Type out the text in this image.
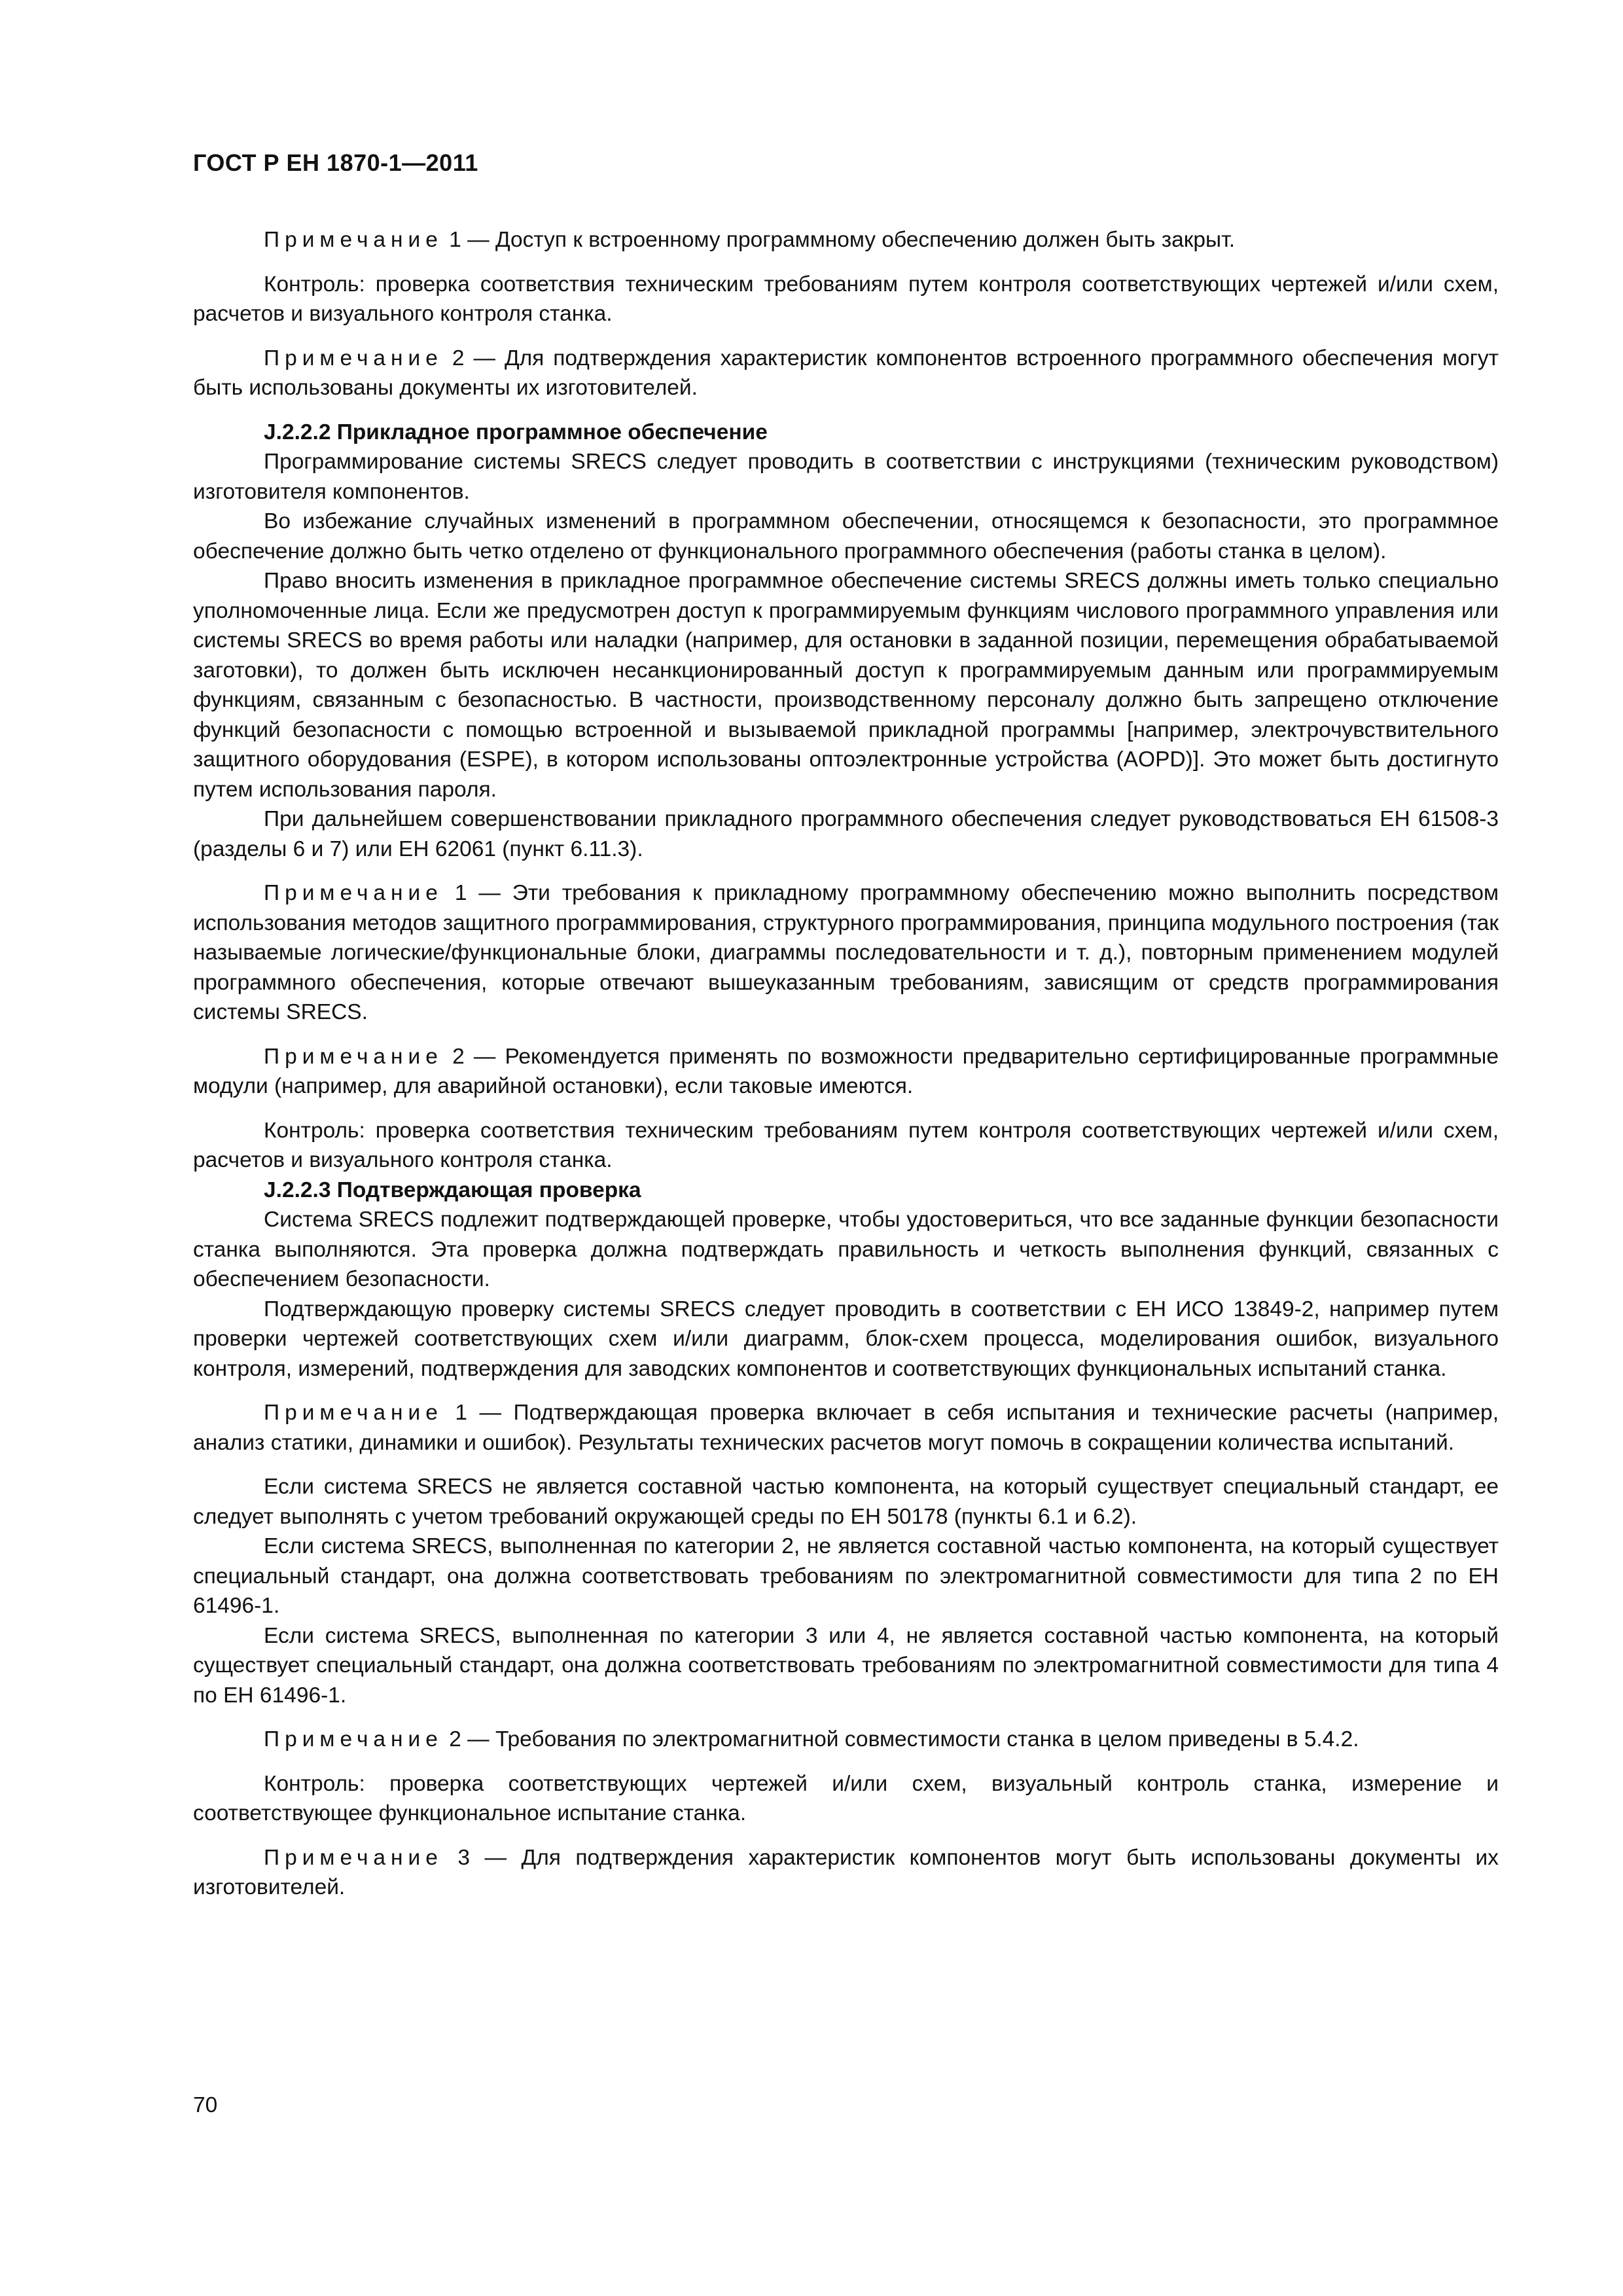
ГОСТ Р ЕН 1870-1—2011

Примечание 1 — Доступ к встроенному программному обеспечению должен быть закрыт.

Контроль: проверка соответствия техническим требованиям путем контроля соответствующих чертежей и/или схем, расчетов и визуального контроля станка.

Примечание 2 — Для подтверждения характеристик компонентов встроенного программного обеспечения могут быть использованы документы их изготовителей.

J.2.2.2 Прикладное программное обеспечение

Программирование системы SRECS следует проводить в соответствии с инструкциями (техническим руководством) изготовителя компонентов.

Во избежание случайных изменений в программном обеспечении, относящемся к безопасности, это программное обеспечение должно быть четко отделено от функционального программного обеспечения (работы станка в целом).

Право вносить изменения в прикладное программное обеспечение системы SRECS должны иметь только специально уполномоченные лица. Если же предусмотрен доступ к программируемым функциям числового программного управления или системы SRECS во время работы или наладки (например, для остановки в заданной позиции, перемещения обрабатываемой заготовки), то должен быть исключен несанкционированный доступ к программируемым данным или программируемым функциям, связанным с безопасностью. В частности, производственному персоналу должно быть запрещено отключение функций безопасности с помощью встроенной и вызываемой прикладной программы [например, электрочувствительного защитного оборудования (ESPE), в котором использованы оптоэлектронные устройства (AOPD)]. Это может быть достигнуто путем использования пароля.

При дальнейшем совершенствовании прикладного программного обеспечения следует руководствоваться ЕН 61508-3 (разделы 6 и 7) или ЕН 62061 (пункт 6.11.3).

Примечание 1 — Эти требования к прикладному программному обеспечению можно выполнить посредством использования методов защитного программирования, структурного программирования, принципа модульного построения (так называемые логические/функциональные блоки, диаграммы последовательности и т. д.), повторным применением модулей программного обеспечения, которые отвечают вышеуказанным требованиям, зависящим от средств программирования системы SRECS.

Примечание 2 — Рекомендуется применять по возможности предварительно сертифицированные программные модули (например, для аварийной остановки), если таковые имеются.

Контроль: проверка соответствия техническим требованиям путем контроля соответствующих чертежей и/или схем, расчетов и визуального контроля станка.

J.2.2.3 Подтверждающая проверка

Система SRECS подлежит подтверждающей проверке, чтобы удостовериться, что все заданные функции безопасности станка выполняются. Эта проверка должна подтверждать правильность и четкость выполнения функций, связанных с обеспечением безопасности.

Подтверждающую проверку системы SRECS следует проводить в соответствии с ЕН ИСО 13849-2, например путем проверки чертежей соответствующих схем и/или диаграмм, блок-схем процесса, моделирования ошибок, визуального контроля, измерений, подтверждения для заводских компонентов и соответствующих функциональных испытаний станка.

Примечание 1 — Подтверждающая проверка включает в себя испытания и технические расчеты (например, анализ статики, динамики и ошибок). Результаты технических расчетов могут помочь в сокращении количества испытаний.

Если система SRECS не является составной частью компонента, на который существует специальный стандарт, ее следует выполнять с учетом требований окружающей среды по ЕН 50178 (пункты 6.1 и 6.2).

Если система SRECS, выполненная по категории 2, не является составной частью компонента, на который существует специальный стандарт, она должна соответствовать требованиям по электромагнитной совместимости для типа 2 по ЕН 61496-1.

Если система SRECS, выполненная по категории 3 или 4, не является составной частью компонента, на который существует специальный стандарт, она должна соответствовать требованиям по электромагнитной совместимости для типа 4 по ЕН 61496-1.

Примечание 2 — Требования по электромагнитной совместимости станка в целом приведены в 5.4.2.

Контроль: проверка соответствующих чертежей и/или схем, визуальный контроль станка, измерение и соответствующее функциональное испытание станка.

Примечание 3 — Для подтверждения характеристик компонентов могут быть использованы документы их изготовителей.

70
